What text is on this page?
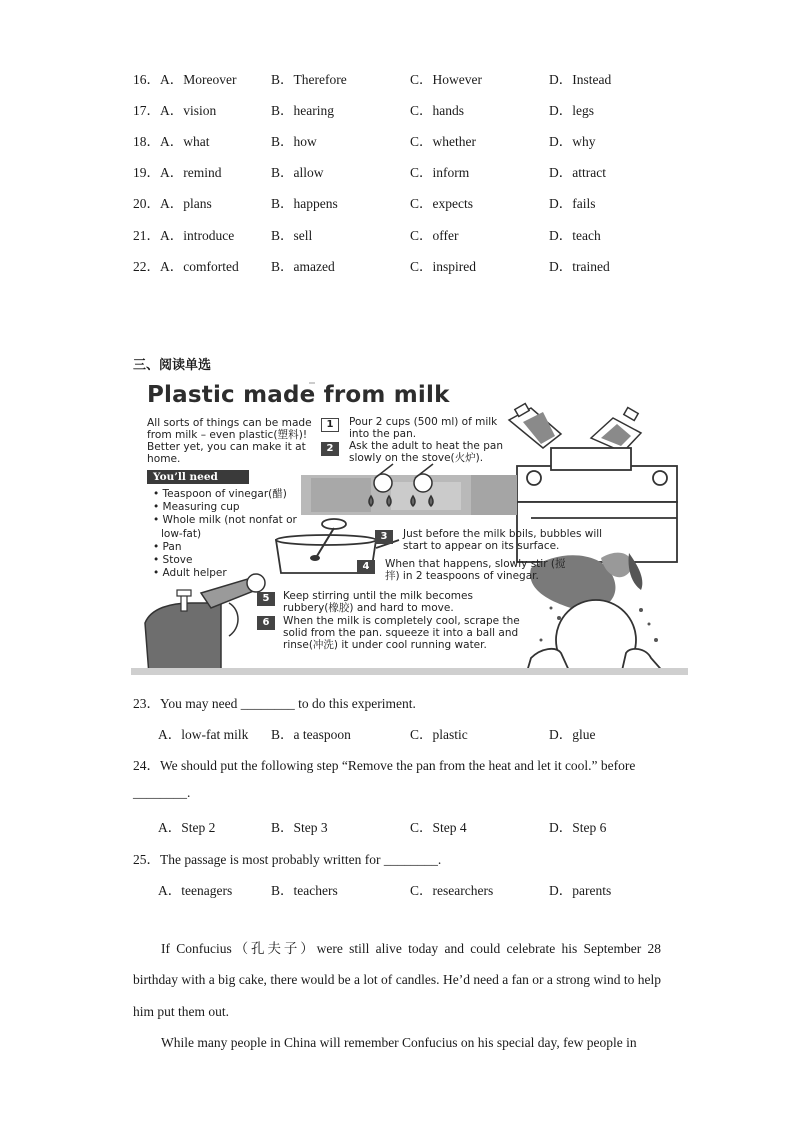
16． A．Moreover	B．Therefore	C．However	D．Instead
17． A．vision	B．hearing	C．hands	D．legs
18． A．what	B．how	C．whether	D．why
19． A．remind	B．allow	C．inform	D．attract
20． A．plans	B．happens	C．expects	D．fails
21． A．introduce	B．sell	C．offer	D．teach
22． A．comforted B．amazed	C．inspired	D．trained
三、阅读单选
Plastic made from milk
All sorts of things can be made from milk – even plastic(塑料)! Better yet, you can make it at home.
You’ll need
• Teaspoon of vinegar(醋)
• Measuring cup
• Whole milk (not nonfat or low-fat)
• Pan
• Stove
• Adult helper
1	Pour 2 cups (500 ml) of milk into the pan.
2	Ask the adult to heat the pan slowly on the stove(火炉).
3	Just before the milk boils, bubbles will start to appear on its surface.
4	When that happens, slowly stir (搅拌) in 2 teaspoons of vinegar.
5	Keep stirring until the milk becomes rubbery(橡胶) and hard to move.
6	When the milk is completely cool, scrape the solid from the pan. squeeze it into a ball and rinse(冲洗) it under cool running water.
23．You may need ________ to do this experiment.
A．low-fat milk B．a teaspoon	C．plastic	D．glue
24．We should put the following step “Remove the pan from the heat and let it cool.” before
________.
A．Step 2	B．Step 3	C．Step 4	D．Step 6
25．The passage is most probably written for ________.
A．teenagers	B．teachers	C．researchers	D．parents
If Confucius（孔夫子）were still alive today and could celebrate his September 28 birthday with a big cake, there would be a lot of candles. He’d need a fan or a strong wind to help him put them out.
While many people in China will remember Confucius on his special day, few people in
